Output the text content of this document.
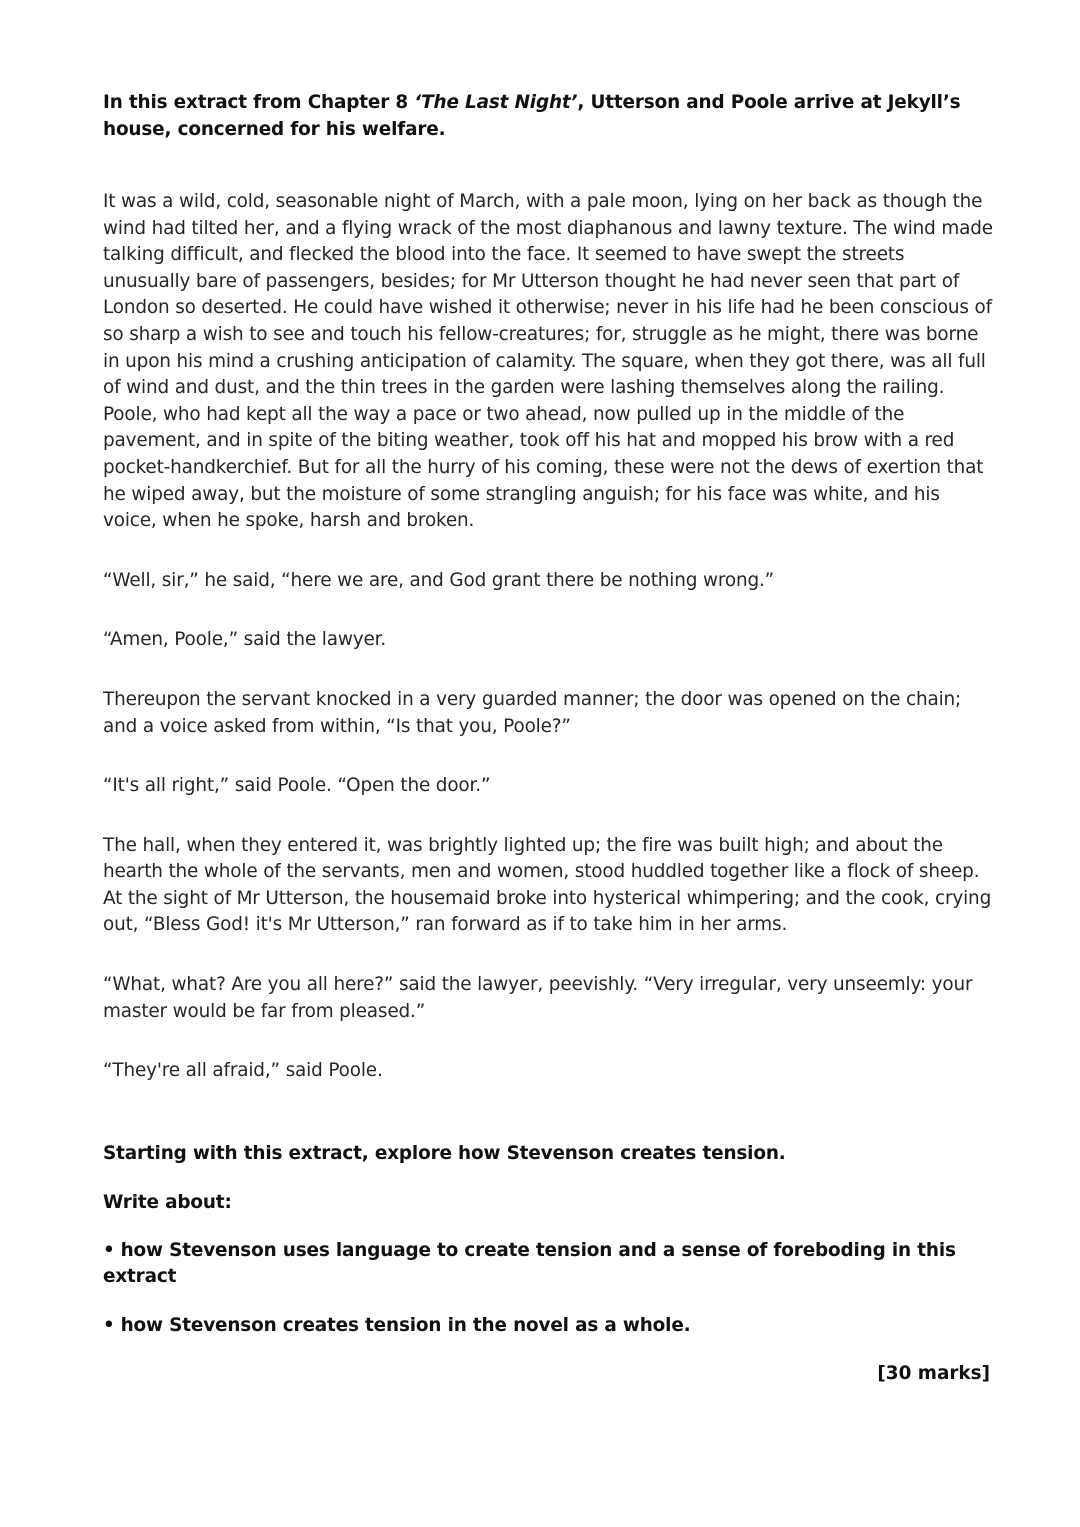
In this extract from Chapter 8 ‘The Last Night’, Utterson and Poole arrive at Jekyll’s house, concerned for his welfare.

It was a wild, cold, seasonable night of March, with a pale moon, lying on her back as though the wind had tilted her, and a flying wrack of the most diaphanous and lawny texture. The wind made talking difficult, and flecked the blood into the face. It seemed to have swept the streets unusually bare of passengers, besides; for Mr Utterson thought he had never seen that part of London so deserted. He could have wished it otherwise; never in his life had he been conscious of so sharp a wish to see and touch his fellow-creatures; for, struggle as he might, there was borne in upon his mind a crushing anticipation of calamity. The square, when they got there, was all full of wind and dust, and the thin trees in the garden were lashing themselves along the railing. Poole, who had kept all the way a pace or two ahead, now pulled up in the middle of the pavement, and in spite of the biting weather, took off his hat and mopped his brow with a red pocket-handkerchief. But for all the hurry of his coming, these were not the dews of exertion that he wiped away, but the moisture of some strangling anguish; for his face was white, and his voice, when he spoke, harsh and broken.

“Well, sir,” he said, “here we are, and God grant there be nothing wrong.”

“Amen, Poole,” said the lawyer.

Thereupon the servant knocked in a very guarded manner; the door was opened on the chain; and a voice asked from within, “Is that you, Poole?”

“It's all right,” said Poole. “Open the door.”

The hall, when they entered it, was brightly lighted up; the fire was built high; and about the hearth the whole of the servants, men and women, stood huddled together like a flock of sheep. At the sight of Mr Utterson, the housemaid broke into hysterical whimpering; and the cook, crying out, “Bless God! it's Mr Utterson,” ran forward as if to take him in her arms.

“What, what? Are you all here?” said the lawyer, peevishly. “Very irregular, very unseemly: your master would be far from pleased.”

“They're all afraid,” said Poole.

Starting with this extract, explore how Stevenson creates tension.

Write about:

• how Stevenson uses language to create tension and a sense of foreboding in this extract
• how Stevenson creates tension in the novel as a whole.
[30 marks]
